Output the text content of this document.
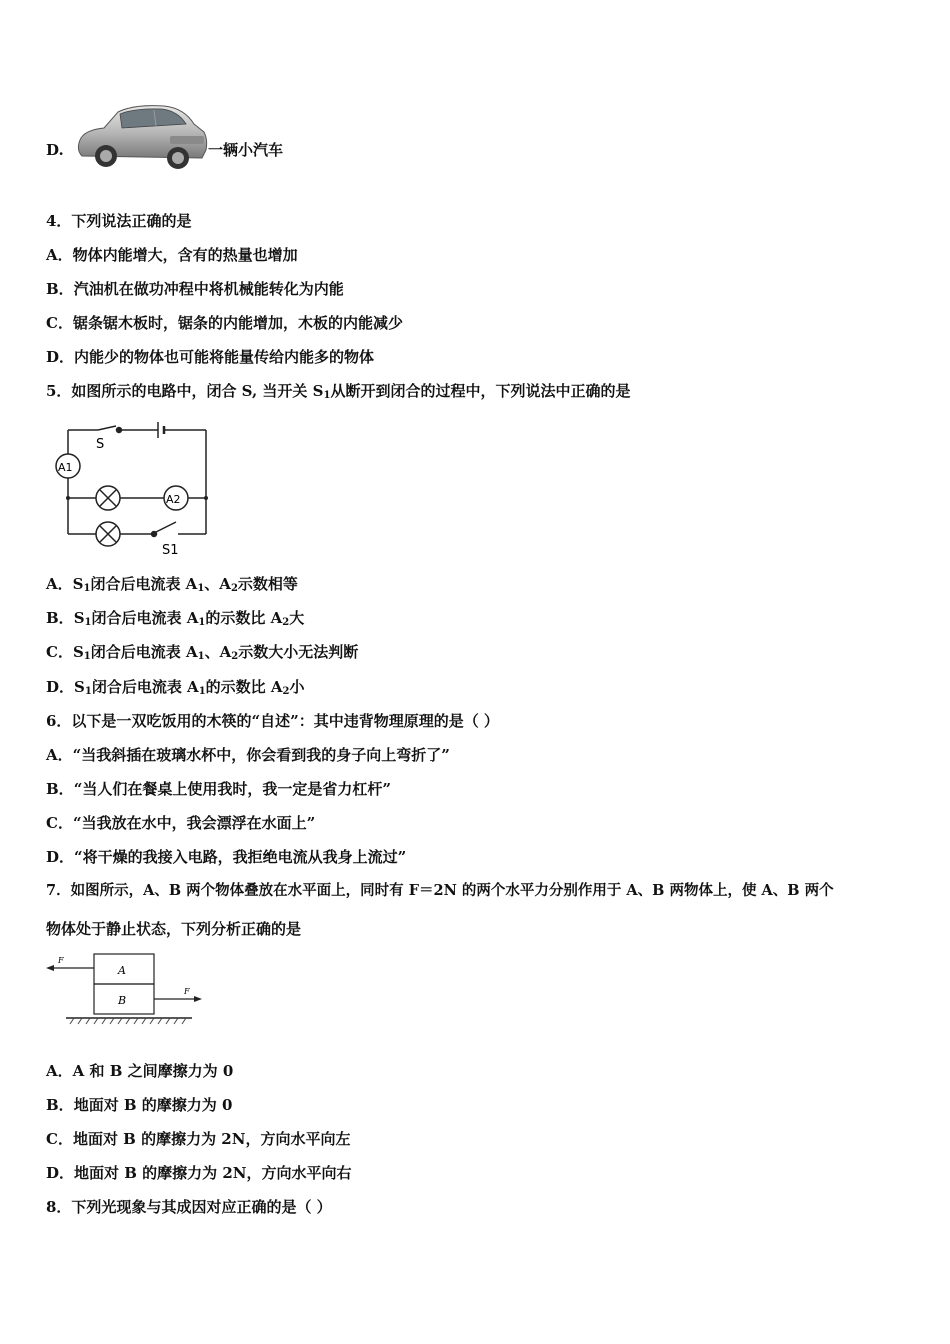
D.	一辆小汽车
4．下列说法正确的是
A．物体内能增大，含有的热量也增加
B．汽油机在做功冲程中将机械能转化为内能
C．锯条锯木板时，锯条的内能增加，木板的内能减少
D．内能少的物体也可能将能量传给内能多的物体
5．如图所示的电路中，闭合 S, 当开关 $S_1$从断开到闭合的过程中，下列说法中正确的是
S
A1
A2
S1
A．$S_1$闭合后电流表 $A_1$、$A_2$示数相等
B．$S_1$闭合后电流表 $A_1$的示数比 $A_2$大
C．$S_1$闭合后电流表 $A_1$、$A_2$示数大小无法判断
D．$S_1$闭合后电流表 $A_1$的示数比 $A_2$小
6．以下是一双吃饭用的木筷的“自述”：其中违背物理原理的是（ ）
A．“当我斜插在玻璃水杯中，你会看到我的身子向上弯折了”
B．“当人们在餐桌上使用我时，我一定是省力杠杆”
C．“当我放在水中，我会漂浮在水面上”
D．“将干燥的我接入电路，我拒绝电流从我身上流过”
7．如图所示，A、B 两个物体叠放在水平面上，同时有 F＝2N 的两个水平力分别作用于 A、B 两物体上，使 A、B 两个
物体处于静止状态，下列分析正确的是
A
B
F
F
A．A 和 B 之间摩擦力为 0
B．地面对 B 的摩擦力为 0
C．地面对 B 的摩擦力为 2N，方向水平向左
D．地面对 B 的摩擦力为 2N，方向水平向右
8．下列光现象与其成因对应正确的是（ ）
